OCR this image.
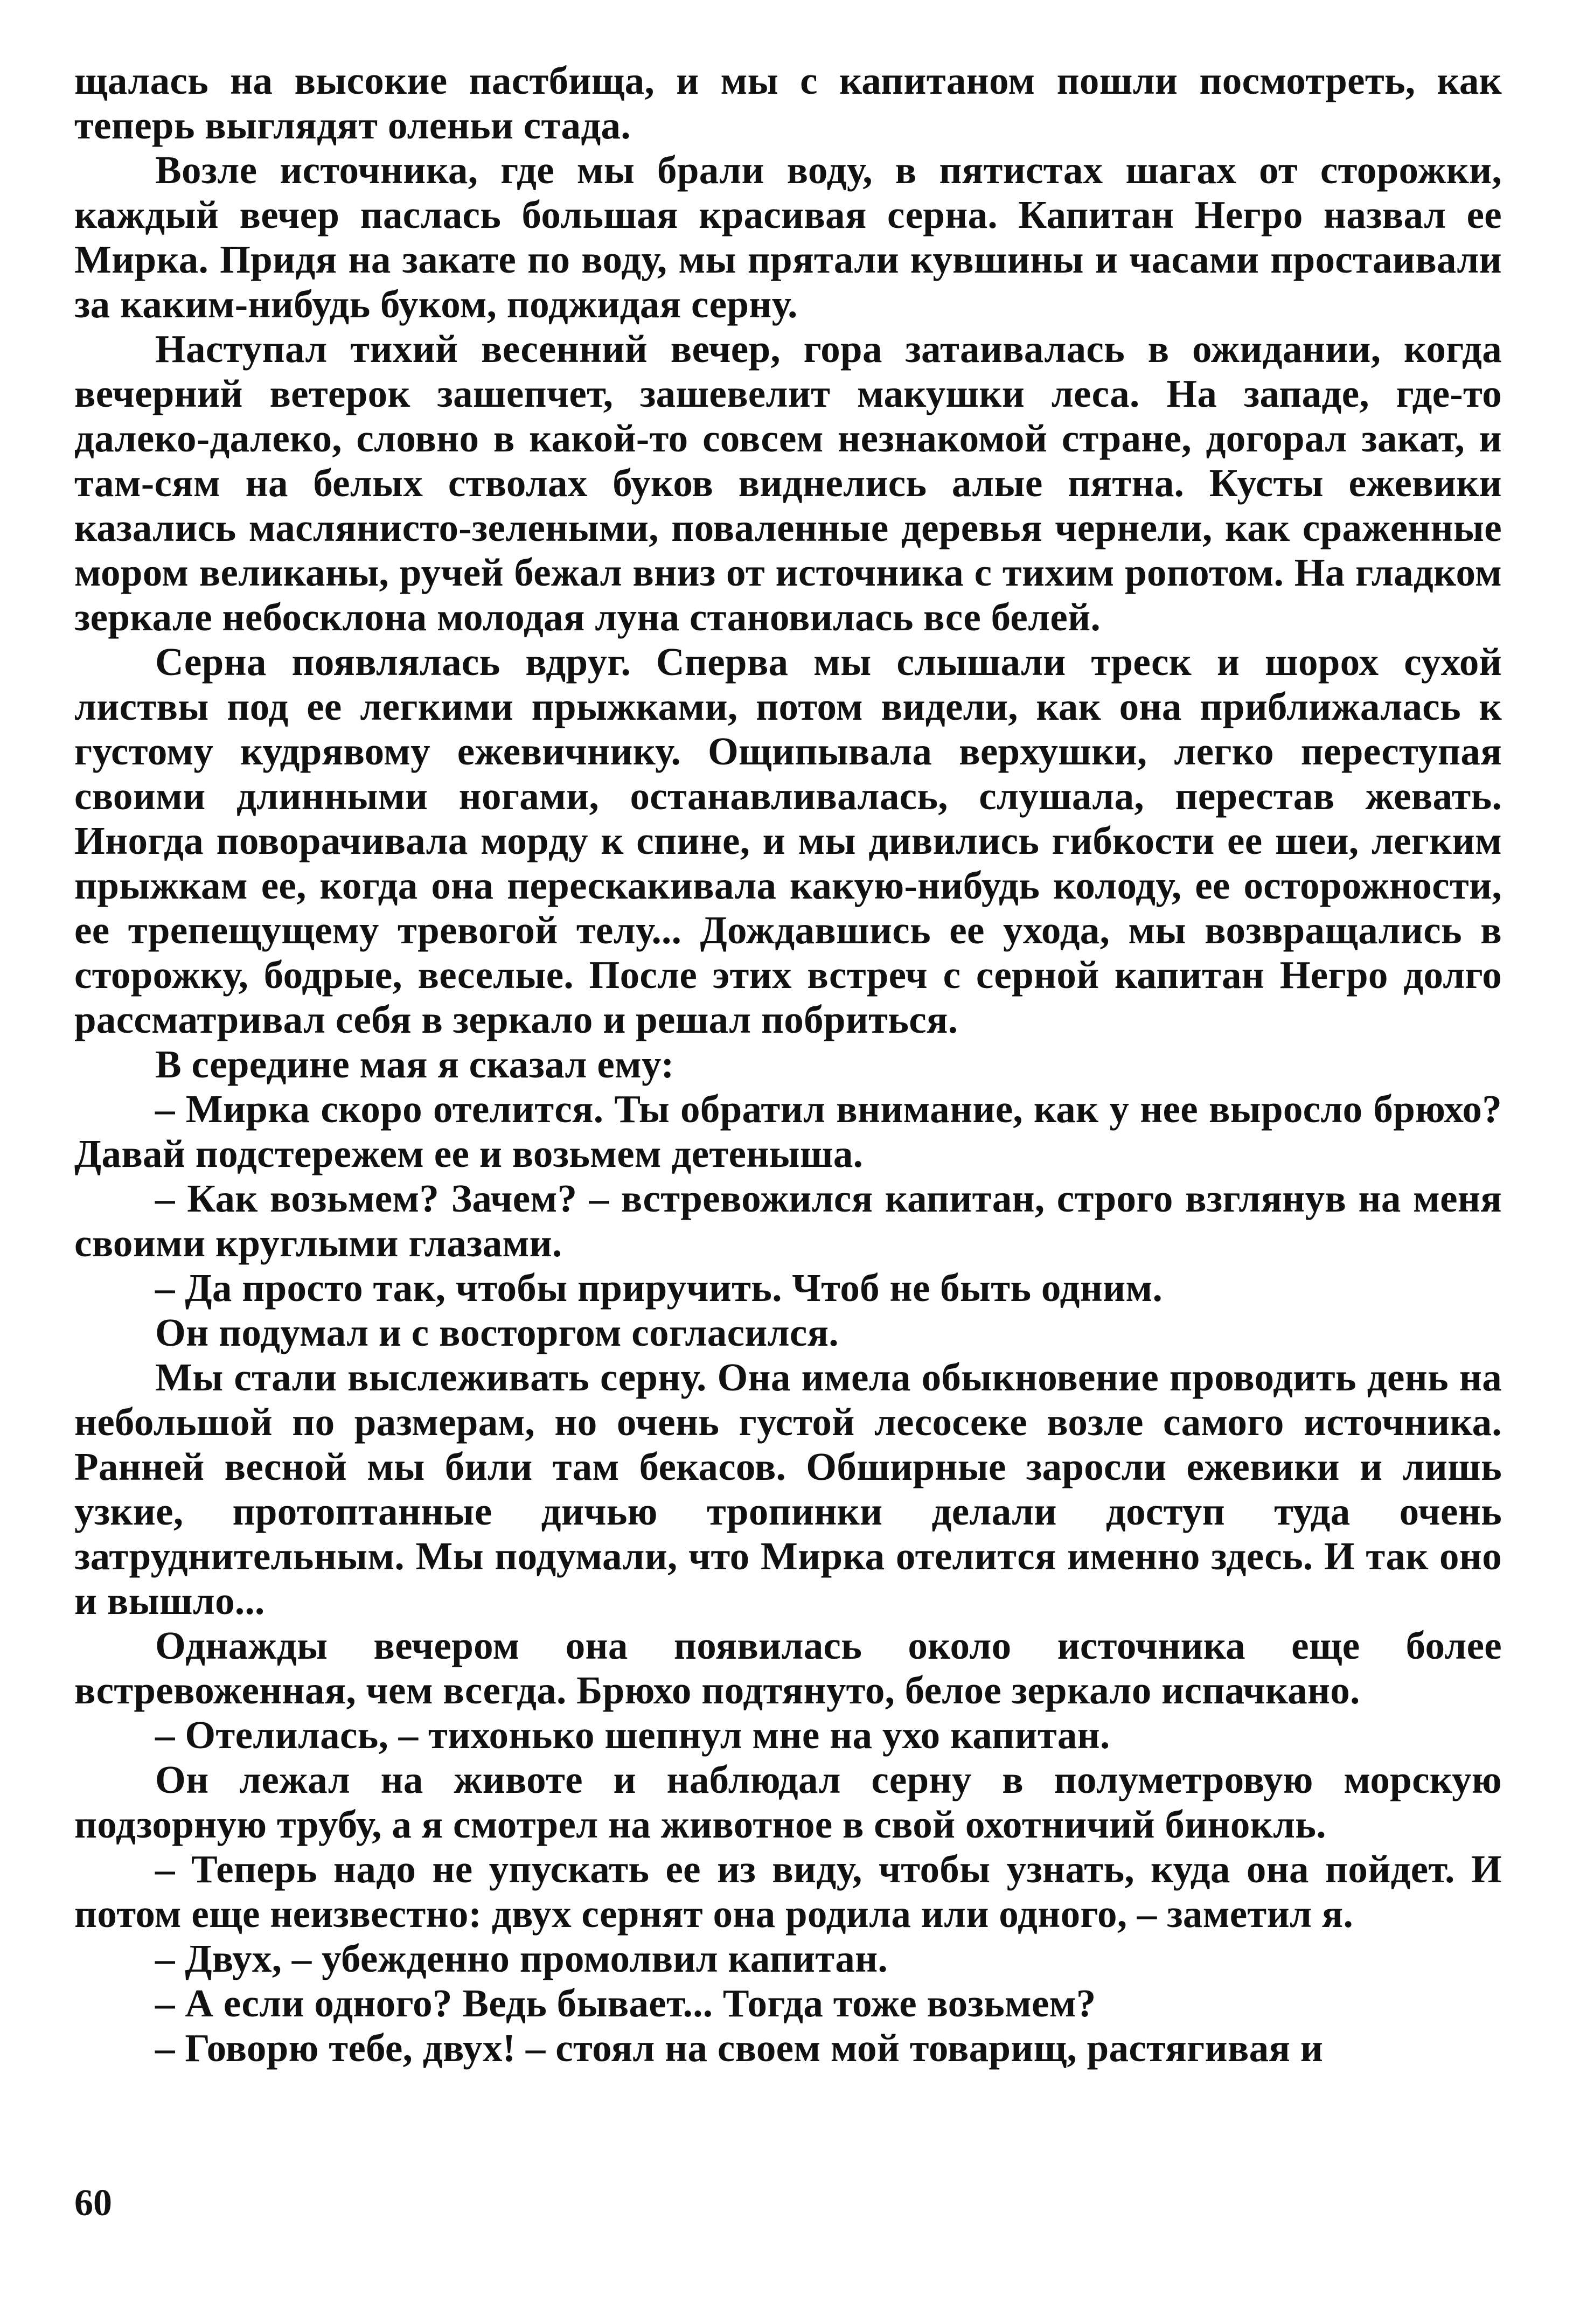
щалась на высокие пастбища, и мы с капитаном пошли посмотреть, как теперь выглядят оленьи стада.

Возле источника, где мы брали воду, в пятистах шагах от сторожки, каждый вечер паслась большая красивая серна. Капитан Негро назвал ее Мирка. Придя на закате по воду, мы прятали кувшины и часами простаивали за каким-нибудь буком, поджидая серну.

Наступал тихий весенний вечер, гора затаивалась в ожидании, когда вечерний ветерок зашепчет, зашевелит макушки леса. На западе, где-то далеко-далеко, словно в какой-то совсем незнакомой стране, догорал закат, и там-сям на белых стволах буков виднелись алые пятна. Кусты ежевики казались маслянисто-зелеными, поваленные деревья чернели, как сраженные мором великаны, ручей бежал вниз от источника с тихим ропотом. На гладком зеркале небосклона молодая луна становилась все белей.

Серна появлялась вдруг. Сперва мы слышали треск и шорох сухой листвы под ее легкими прыжками, потом видели, как она приближалась к густому кудрявому ежевичнику. Ощипывала верхушки, легко переступая своими длинными ногами, останавливалась, слушала, перестав жевать. Иногда поворачивала морду к спине, и мы дивились гибкости ее шеи, легким прыжкам ее, когда она перескакивала какую-нибудь колоду, ее осторожности, ее трепещущему тревогой телу... Дождавшись ее ухода, мы возвращались в сторожку, бодрые, веселые. После этих встреч с серной капитан Негро долго рассматривал себя в зеркало и решал побриться.

В середине мая я сказал ему:

– Мирка скоро отелится. Ты обратил внимание, как у нее выросло брюхо? Давай подстережем ее и возьмем детеныша.

– Как возьмем? Зачем? – встревожился капитан, строго взглянув на меня своими круглыми глазами.

– Да просто так, чтобы приручить. Чтоб не быть одним.

Он подумал и с восторгом согласился.

Мы стали выслеживать серну. Она имела обыкновение проводить день на небольшой по размерам, но очень густой лесосеке возле самого источника. Ранней весной мы били там бекасов. Обширные заросли ежевики и лишь узкие, протоптанные дичью тропинки делали доступ туда очень затруднительным. Мы подумали, что Мирка отелится именно здесь. И так оно и вышло...

Однажды вечером она появилась около источника еще более встревоженная, чем всегда. Брюхо подтянуто, белое зеркало испачкано.

– Отелилась, – тихонько шепнул мне на ухо капитан.

Он лежал на животе и наблюдал серну в полуметровую морскую подзорную трубу, а я смотрел на животное в свой охотничий бинокль.

– Теперь надо не упускать ее из виду, чтобы узнать, куда она пойдет. И потом еще неизвестно: двух сернят она родила или одного, – заметил я.

– Двух, – убежденно промолвил капитан.

– А если одного? Ведь бывает... Тогда тоже возьмем?

– Говорю тебе, двух! – стоял на своем мой товарищ, растягивая и

60
